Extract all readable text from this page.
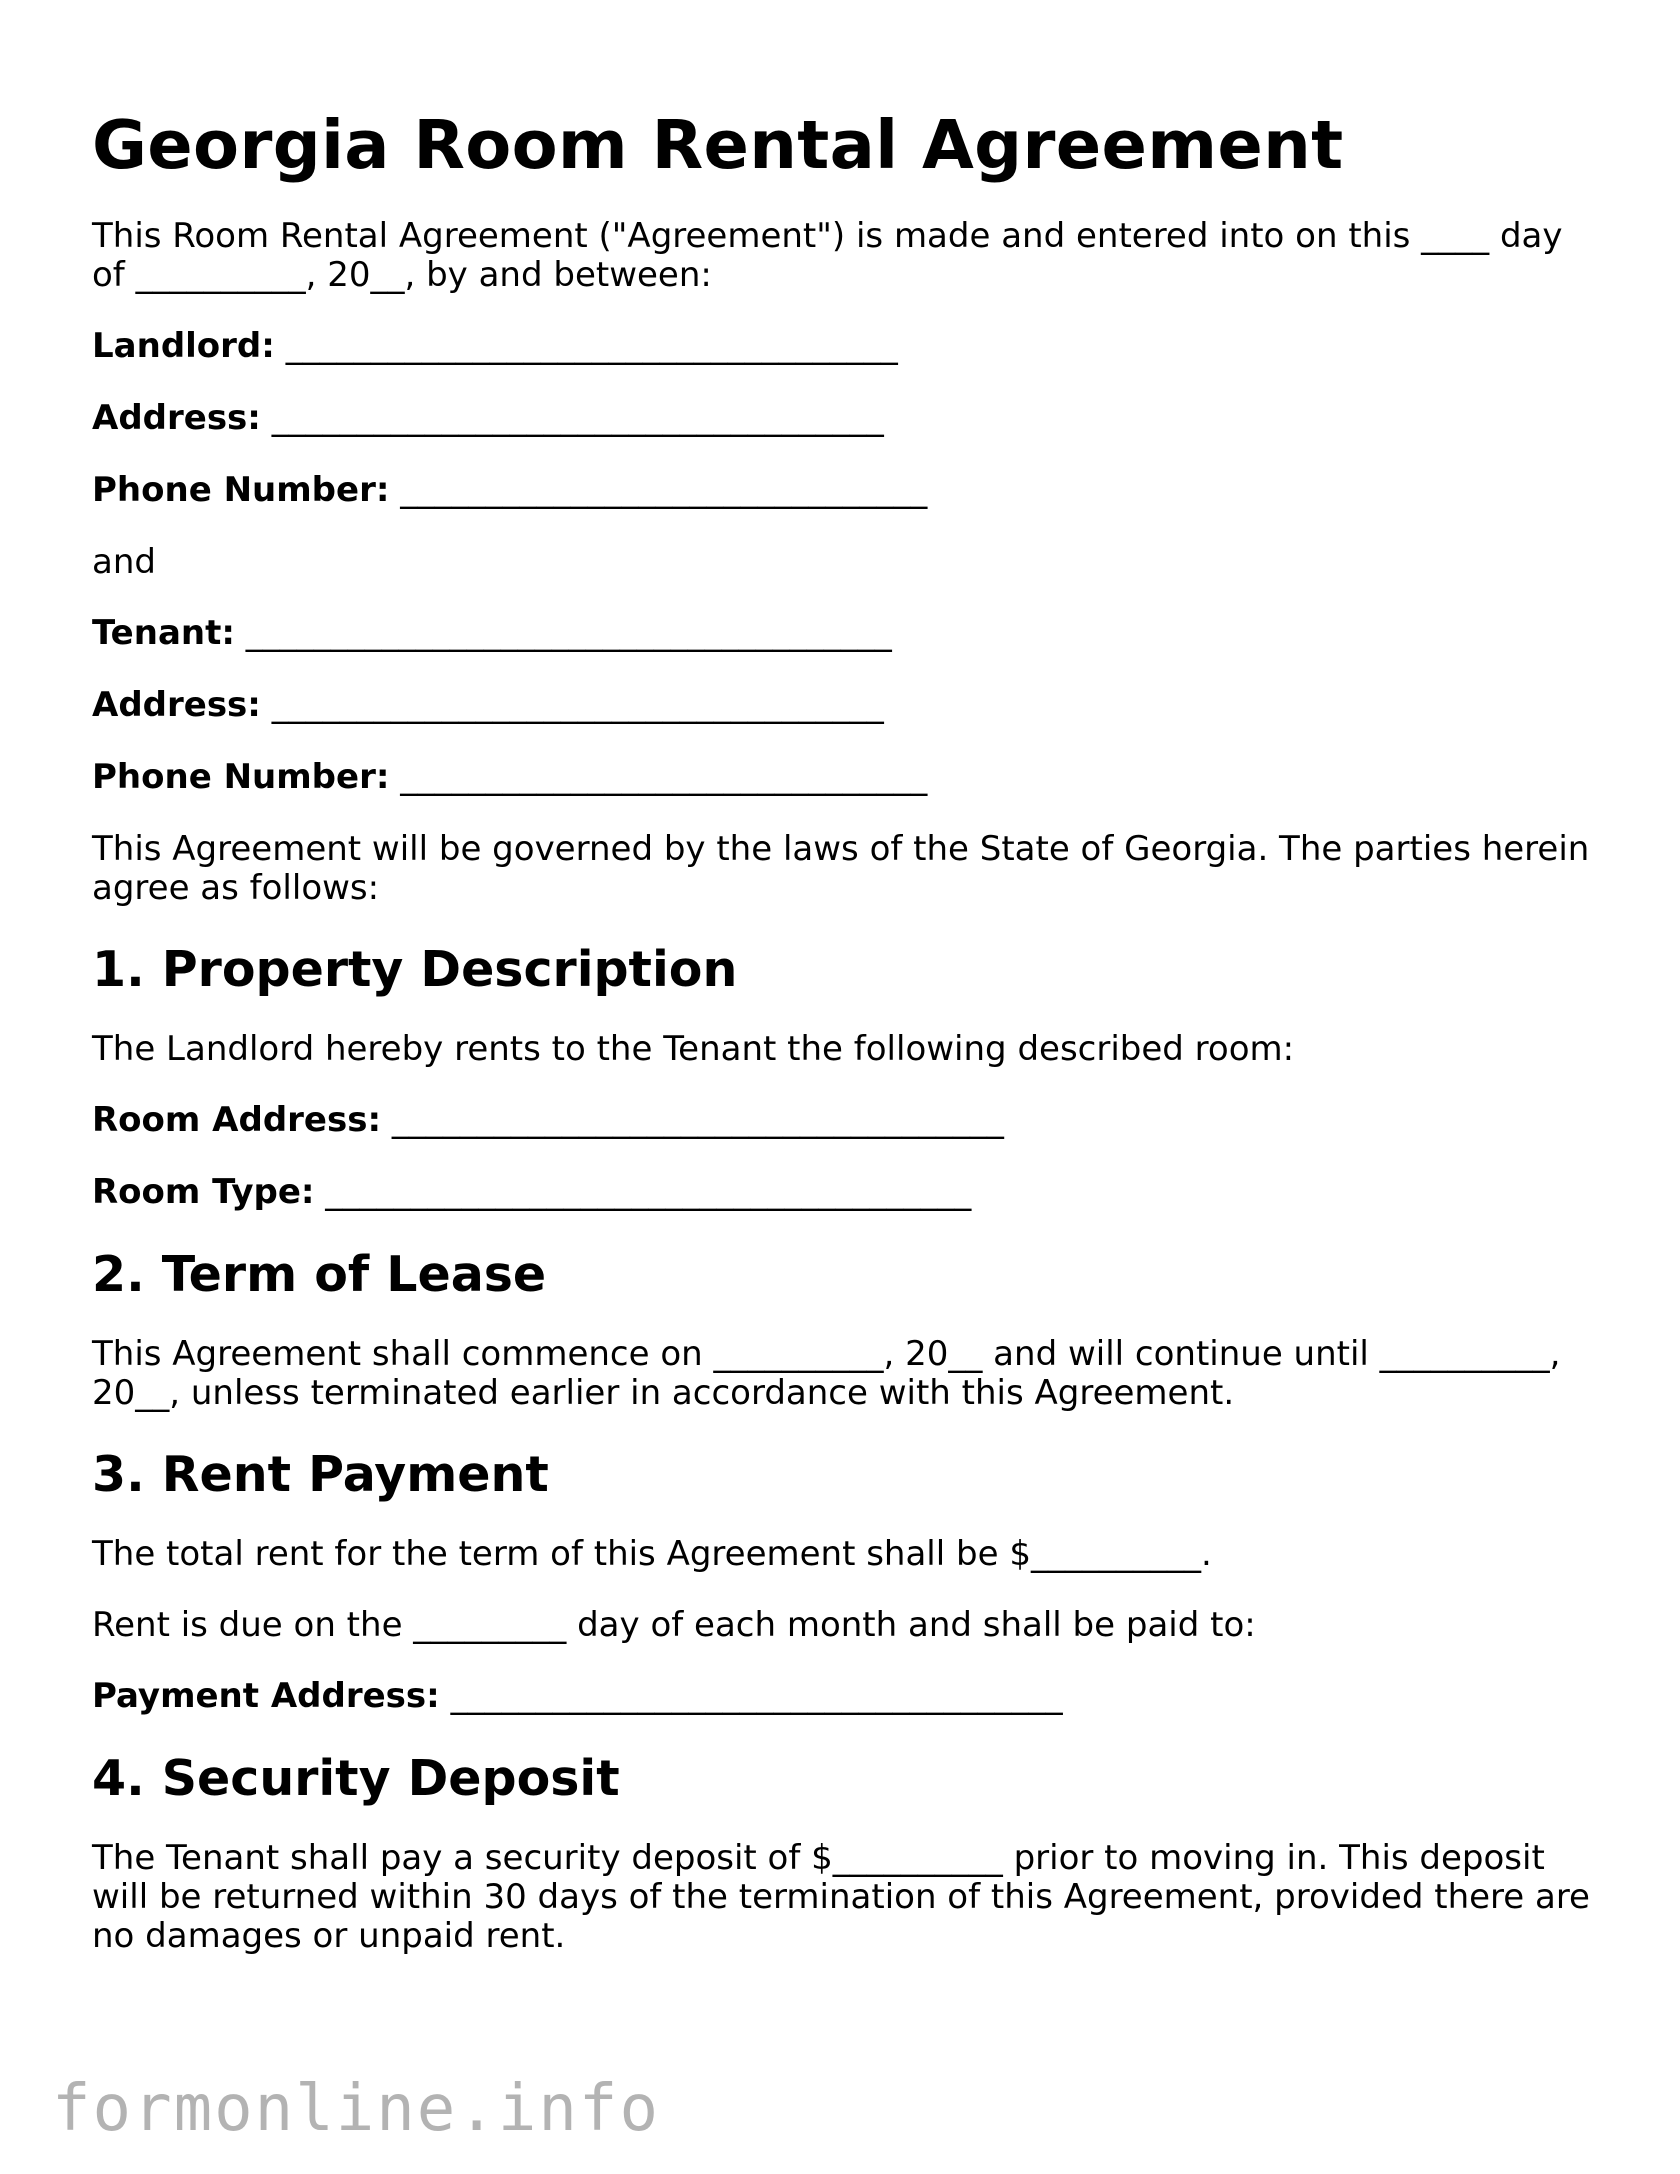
Georgia Room Rental Agreement

This Room Rental Agreement ("Agreement") is made and entered into on this ____ day of __________, 20__, by and between:

Landlord: ____________________________________

Address: ____________________________________

Phone Number: _______________________________

and

Tenant: ______________________________________

Address: ____________________________________

Phone Number: _______________________________

This Agreement will be governed by the laws of the State of Georgia. The parties herein agree as follows:

1. Property Description

The Landlord hereby rents to the Tenant the following described room:

Room Address: ____________________________________

Room Type: ______________________________________

2. Term of Lease

This Agreement shall commence on __________, 20__ and will continue until __________, 20__, unless terminated earlier in accordance with this Agreement.

3. Rent Payment

The total rent for the term of this Agreement shall be $__________.

Rent is due on the _________ day of each month and shall be paid to:

Payment Address: ____________________________________

4. Security Deposit

The Tenant shall pay a security deposit of $__________ prior to moving in. This deposit will be returned within 30 days of the termination of this Agreement, provided there are no damages or unpaid rent.

formonline.info
